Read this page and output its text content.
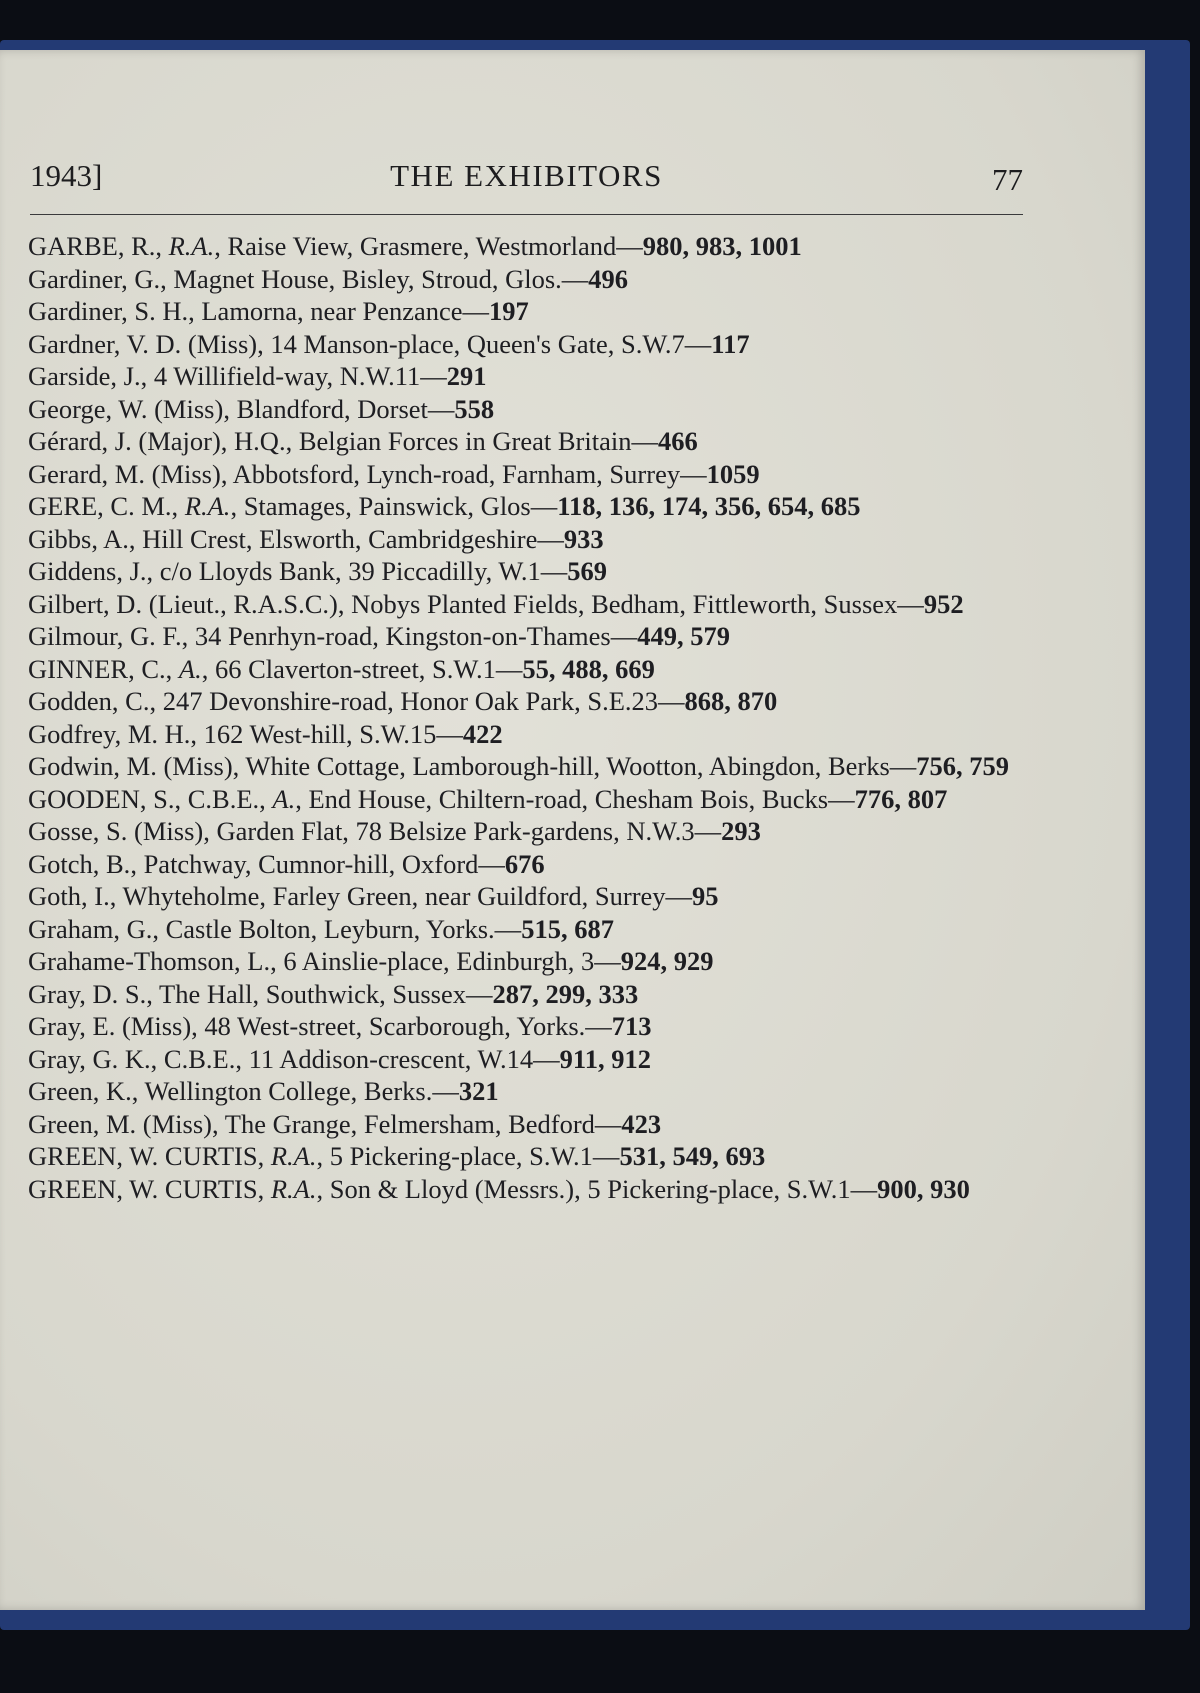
1943]	THE EXHIBITORS	77
GARBE, R., R.A., Raise View, Grasmere, Westmorland—980, 983, 1001
Gardiner, G., Magnet House, Bisley, Stroud, Glos.—496
Gardiner, S. H., Lamorna, near Penzance—197
Gardner, V. D. (Miss), 14 Manson-place, Queen's Gate, S.W.7—117
Garside, J., 4 Willifield-way, N.W.11—291
George, W. (Miss), Blandford, Dorset—558
Gérard, J. (Major), H.Q., Belgian Forces in Great Britain—466
Gerard, M. (Miss), Abbotsford, Lynch-road, Farnham, Surrey—1059
GERE, C. M., R.A., Stamages, Painswick, Glos—118, 136, 174, 356, 654, 685
Gibbs, A., Hill Crest, Elsworth, Cambridgeshire—933
Giddens, J., c/o Lloyds Bank, 39 Piccadilly, W.1—569
Gilbert, D. (Lieut., R.A.S.C.), Nobys Planted Fields, Bedham, Fittleworth, Sussex—952
Gilmour, G. F., 34 Penrhyn-road, Kingston-on-Thames—449, 579
GINNER, C., A., 66 Claverton-street, S.W.1—55, 488, 669
Godden, C., 247 Devonshire-road, Honor Oak Park, S.E.23—868, 870
Godfrey, M. H., 162 West-hill, S.W.15—422
Godwin, M. (Miss), White Cottage, Lamborough-hill, Wootton, Abingdon, Berks—756, 759
GOODEN, S., C.B.E., A., End House, Chiltern-road, Chesham Bois, Bucks—776, 807
Gosse, S. (Miss), Garden Flat, 78 Belsize Park-gardens, N.W.3—293
Gotch, B., Patchway, Cumnor-hill, Oxford—676
Goth, I., Whyteholme, Farley Green, near Guildford, Surrey—95
Graham, G., Castle Bolton, Leyburn, Yorks.—515, 687
Grahame-Thomson, L., 6 Ainslie-place, Edinburgh, 3—924, 929
Gray, D. S., The Hall, Southwick, Sussex—287, 299, 333
Gray, E. (Miss), 48 West-street, Scarborough, Yorks.—713
Gray, G. K., C.B.E., 11 Addison-crescent, W.14—911, 912
Green, K., Wellington College, Berks.—321
Green, M. (Miss), The Grange, Felmersham, Bedford—423
GREEN, W. CURTIS, R.A., 5 Pickering-place, S.W.1—531, 549, 693
GREEN, W. CURTIS, R.A., Son & Lloyd (Messrs.), 5 Pickering-place, S.W.1—900, 930
